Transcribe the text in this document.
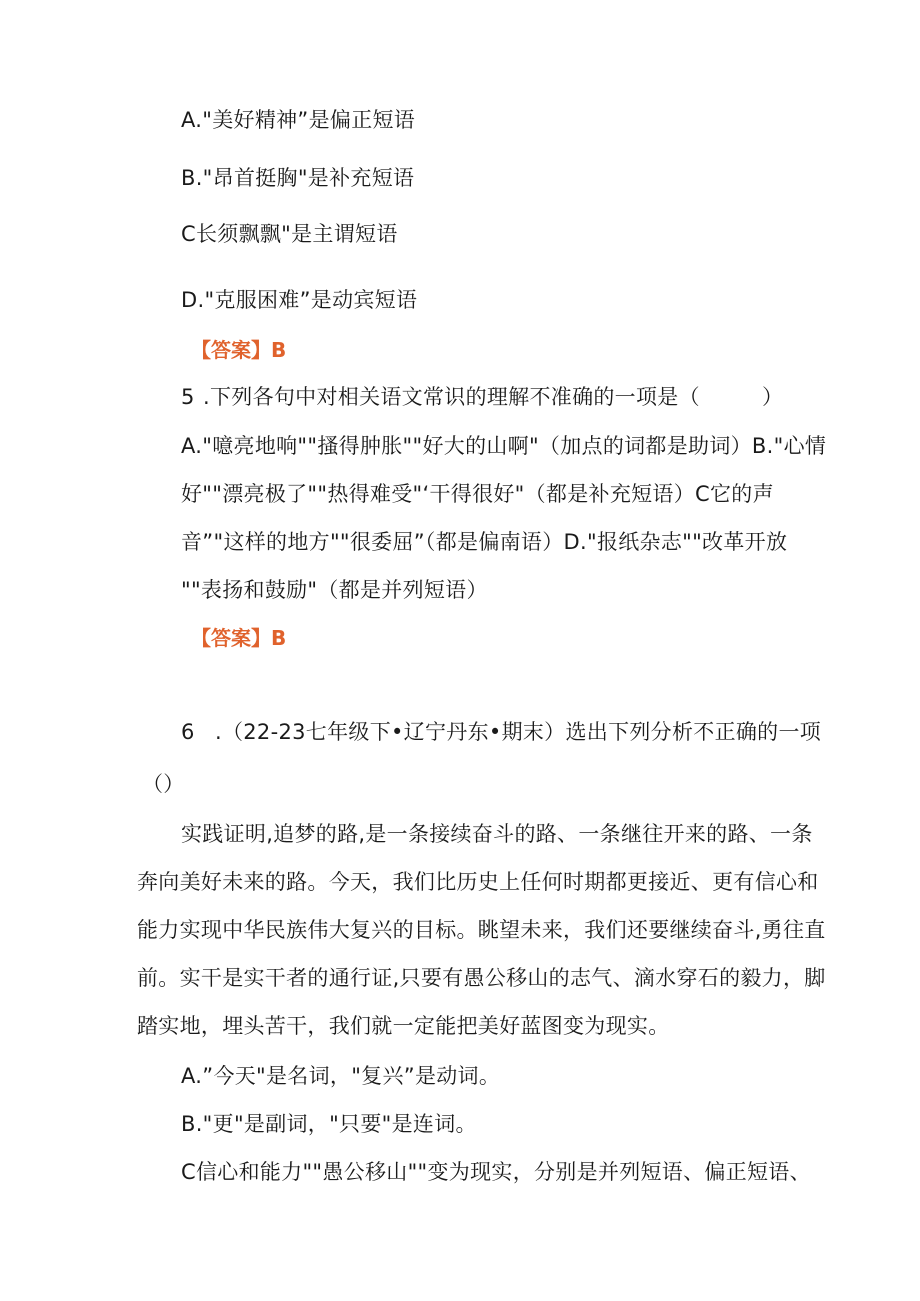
A."美好精神”是偏正短语
B."昂首挺胸"是补充短语
C长须飘飘"是主谓短语
D."克服困难”是动宾短语
【答案】B
5 .下列各句中对相关语文常识的理解不准确的一项是（	）
A."噫亮地响""搔得肿胀""好大的山啊"（加点的词都是助词）B."心情
好""漂亮极了""热得难受"‘干得很好"（都是补充短语）C它的声
音”"这样的地方""很委屈”（都是偏南语）D."报纸杂志""改革开放
""表扬和鼓励"（都是并列短语）
【答案】B
6 .（22-23七年级下•辽宁丹东•期末）选出下列分析不正确的一项
（）
实践证明,追梦的路,是一条接续奋斗的路、一条继往开来的路、一条
奔向美好未来的路。今天，我们比历史上任何时期都更接近、更有信心和
能力实现中华民族伟大复兴的目标。眺望未来，我们还要继续奋斗,勇往直
前。实干是实干者的通行证,只要有愚公移山的志气、滴水穿石的毅力，脚
踏实地，埋头苦干，我们就一定能把美好蓝图变为现实。
A.”今天"是名词，"复兴”是动词。
B."更"是副词，"只要"是连词。
C信心和能力""愚公移山""变为现实，分别是并列短语、偏正短语、
